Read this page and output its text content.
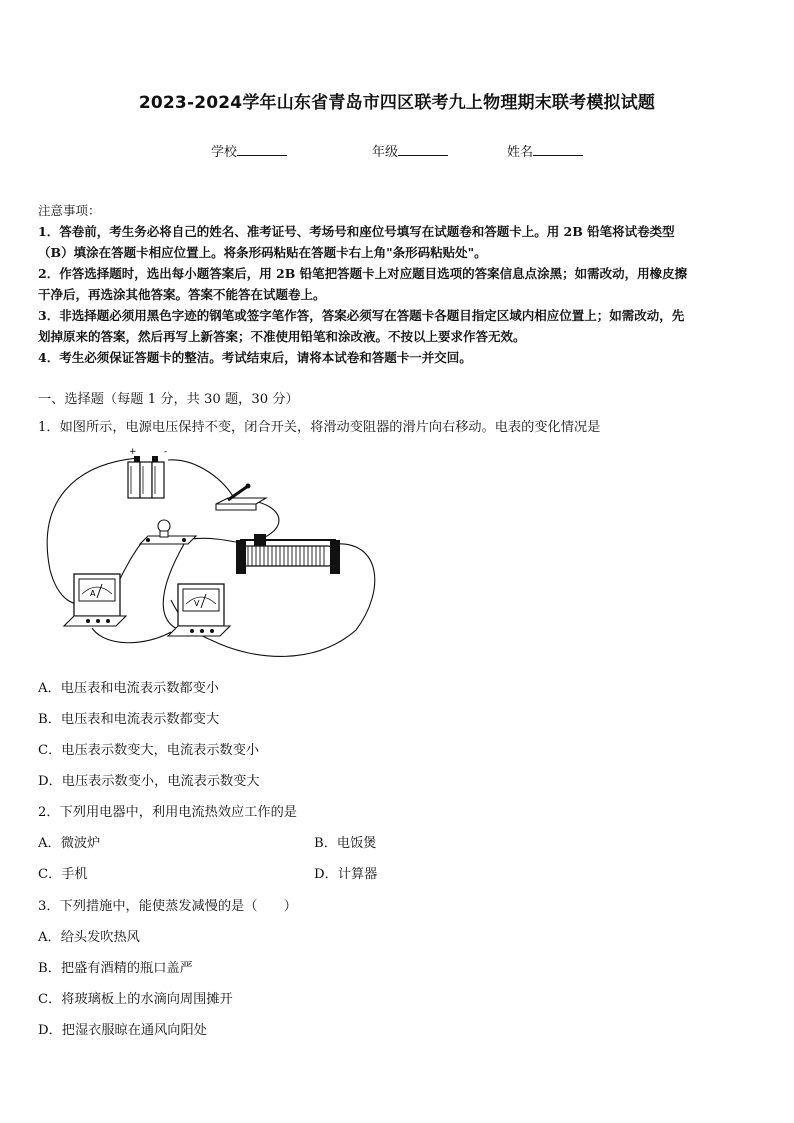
2023-2024学年山东省青岛市四区联考九上物理期末联考模拟试题
学校	年级	姓名
注意事项：
1．答卷前，考生务必将自己的姓名、准考证号、考场号和座位号填写在试题卷和答题卡上。用 2B 铅笔将试卷类型
（B）填涂在答题卡相应位置上。将条形码粘贴在答题卡右上角"条形码粘贴处"。
2．作答选择题时，选出每小题答案后，用 2B 铅笔把答题卡上对应题目选项的答案信息点涂黑；如需改动，用橡皮擦
干净后，再选涂其他答案。答案不能答在试题卷上。
3．非选择题必须用黑色字迹的钢笔或签字笔作答，答案必须写在答题卡各题目指定区域内相应位置上；如需改动，先
划掉原来的答案，然后再写上新答案；不准使用铅笔和涂改液。不按以上要求作答无效。
4．考生必须保证答题卡的整洁。考试结束后，请将本试卷和答题卡一并交回。
一、选择题（每题 1 分，共 30 题，30 分）
1．如图所示，电源电压保持不变，闭合开关，将滑动变阻器的滑片向右移动。电表的变化情况是
+	-
A
V
A．电压表和电流表示数都变小
B．电压表和电流表示数都变大
C．电压表示数变大，电流表示数变小
D．电压表示数变小，电流表示数变大
2．下列用电器中，利用电流热效应工作的是
A．微波炉	B．电饭煲
C．手机	D．计算器
3．下列措施中，能使蒸发减慢的是（　　）
A．给头发吹热风
B．把盛有酒精的瓶口盖严
C．将玻璃板上的水滴向周围摊开
D．把湿衣服晾在通风向阳处
